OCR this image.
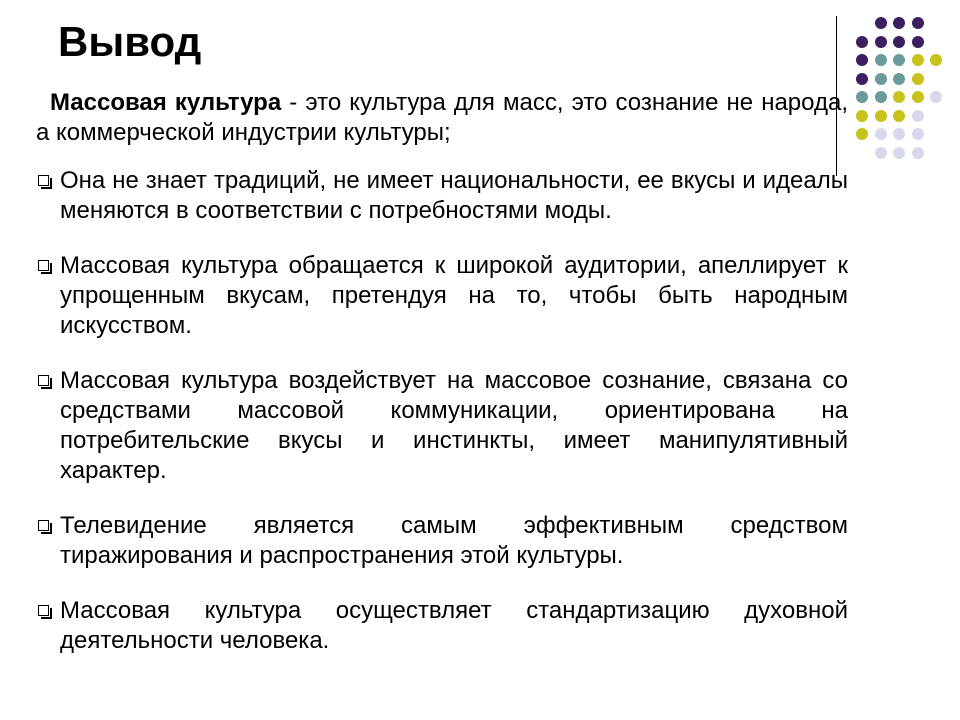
Вывод

Массовая культура - это культура для масс, это сознание не народа, а коммерческой индустрии культуры;

Она не знает традиций, не имеет национальности, ее вкусы и идеалы меняются в соответствии с потребностями моды.

Массовая культура обращается к широкой аудитории, апеллирует к упрощенным вкусам, претендуя на то, чтобы быть народным искусством.

Массовая культура воздействует на массовое сознание, связана со средствами массовой коммуникации, ориентирована на потребительские вкусы и инстинкты, имеет манипулятивный характер.

Телевидение является самым эффективным средством тиражирования и распространения этой культуры.

Массовая культура осуществляет стандартизацию духовной деятельности человека.
